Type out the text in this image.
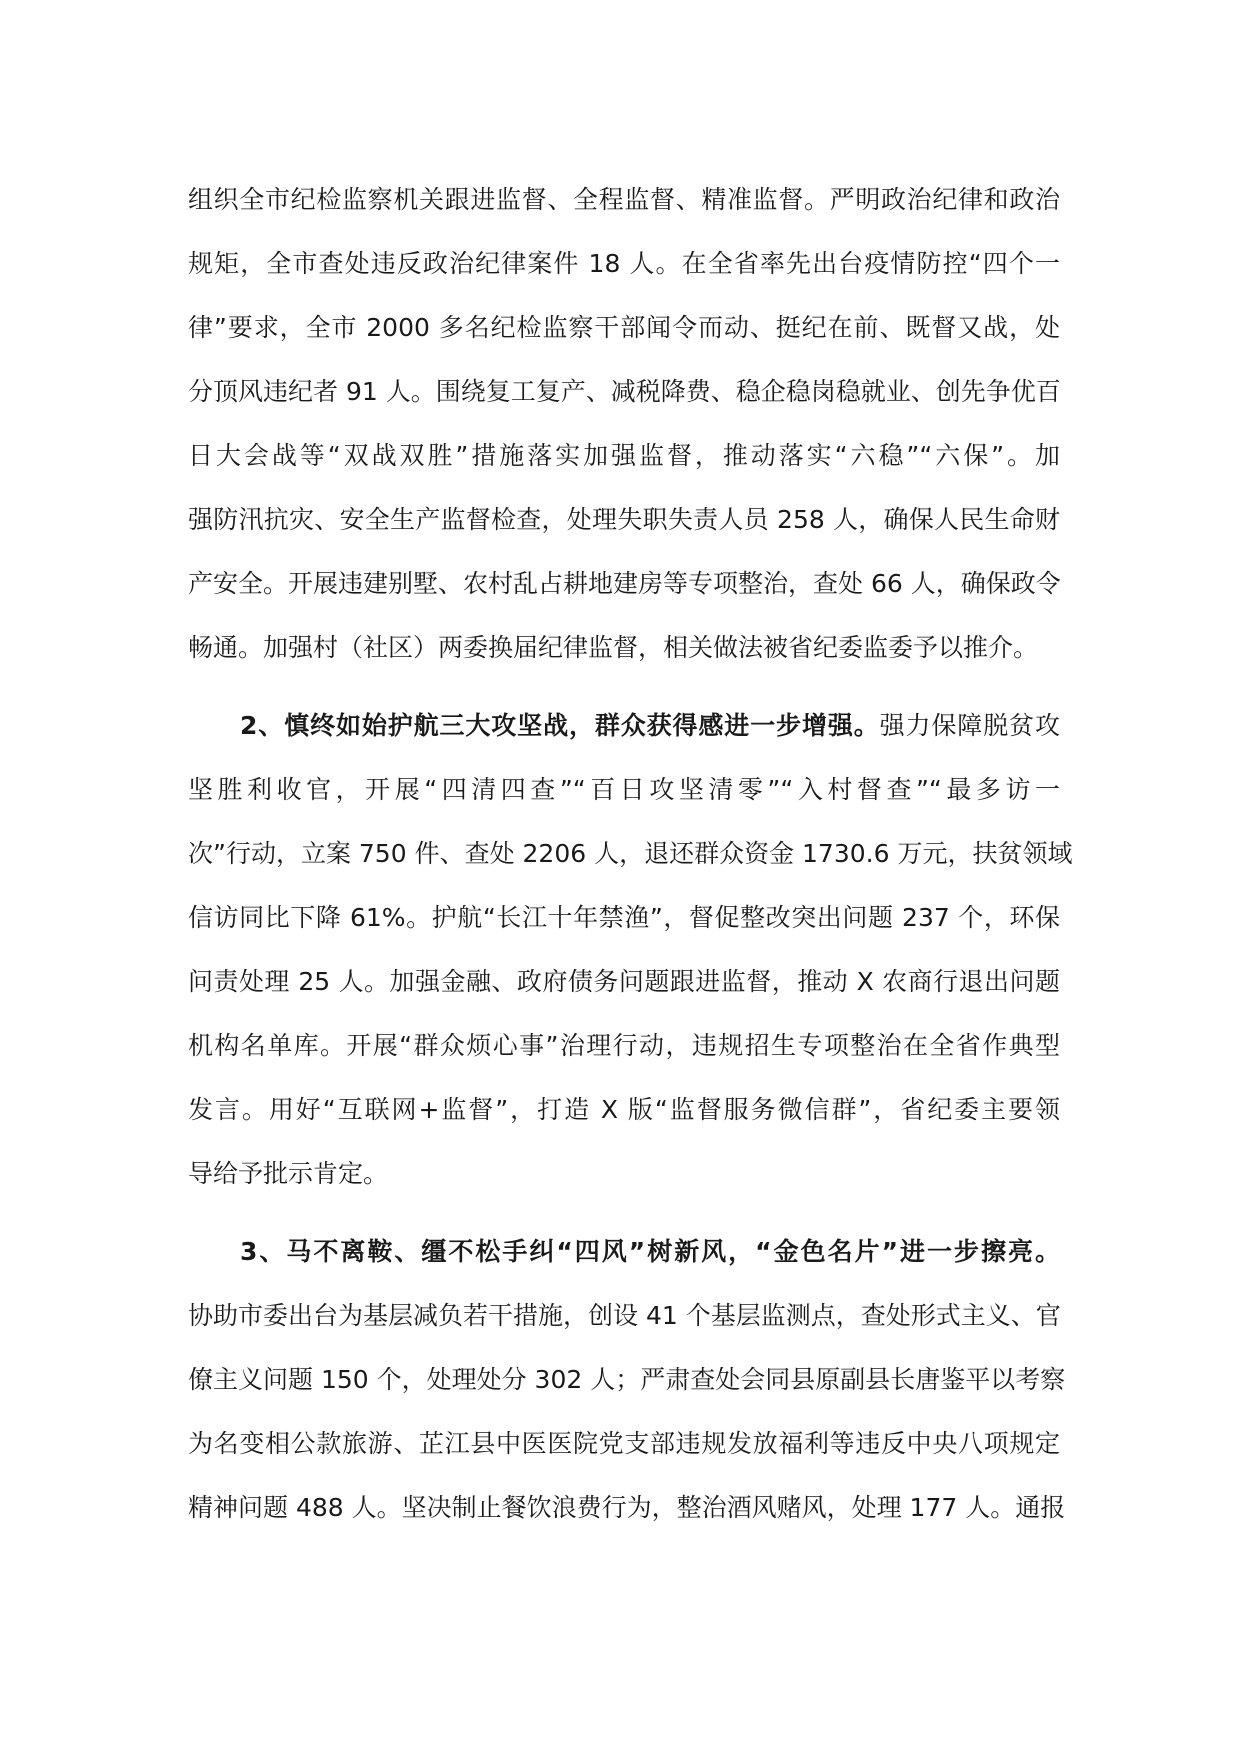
组织全市纪检监察机关跟进监督、全程监督、精准监督。严明政治纪律和政治
规矩，全市查处违反政治纪律案件 18 人。在全省率先出台疫情防控“四个一
律”要求，全市 2000 多名纪检监察干部闻令而动、挺纪在前、既督又战，处
分顶风违纪者 91 人。围绕复工复产、减税降费、稳企稳岗稳就业、创先争优百
日大会战等“双战双胜”措施落实加强监督，推动落实“六稳”“六保”。加
强防汛抗灾、安全生产监督检查，处理失职失责人员 258 人，确保人民生命财
产安全。开展违建别墅、农村乱占耕地建房等专项整治，查处 66 人，确保政令
畅通。加强村（社区）两委换届纪律监督，相关做法被省纪委监委予以推介。
2、慎终如始护航三大攻坚战，群众获得感进一步增强。强力保障脱贫攻
坚胜利收官，开展“四清四查”“百日攻坚清零”“入村督查”“最多访一
次”行动，立案 750 件、查处 2206 人，退还群众资金 1730.6 万元，扶贫领域
信访同比下降 61%。护航“长江十年禁渔”，督促整改突出问题 237 个，环保
问责处理 25 人。加强金融、政府债务问题跟进监督，推动 X 农商行退出问题
机构名单库。开展“群众烦心事”治理行动，违规招生专项整治在全省作典型
发言。用好“互联网+监督”，打造 X 版“监督服务微信群”，省纪委主要领
导给予批示肯定。
3、马不离鞍、缰不松手纠“四风”树新风，“金色名片”进一步擦亮。
协助市委出台为基层减负若干措施，创设 41 个基层监测点，查处形式主义、官
僚主义问题 150 个，处理处分 302 人；严肃查处会同县原副县长唐鉴平以考察
为名变相公款旅游、芷江县中医医院党支部违规发放福利等违反中央八项规定
精神问题 488 人。坚决制止餐饮浪费行为，整治酒风赌风，处理 177 人。通报
